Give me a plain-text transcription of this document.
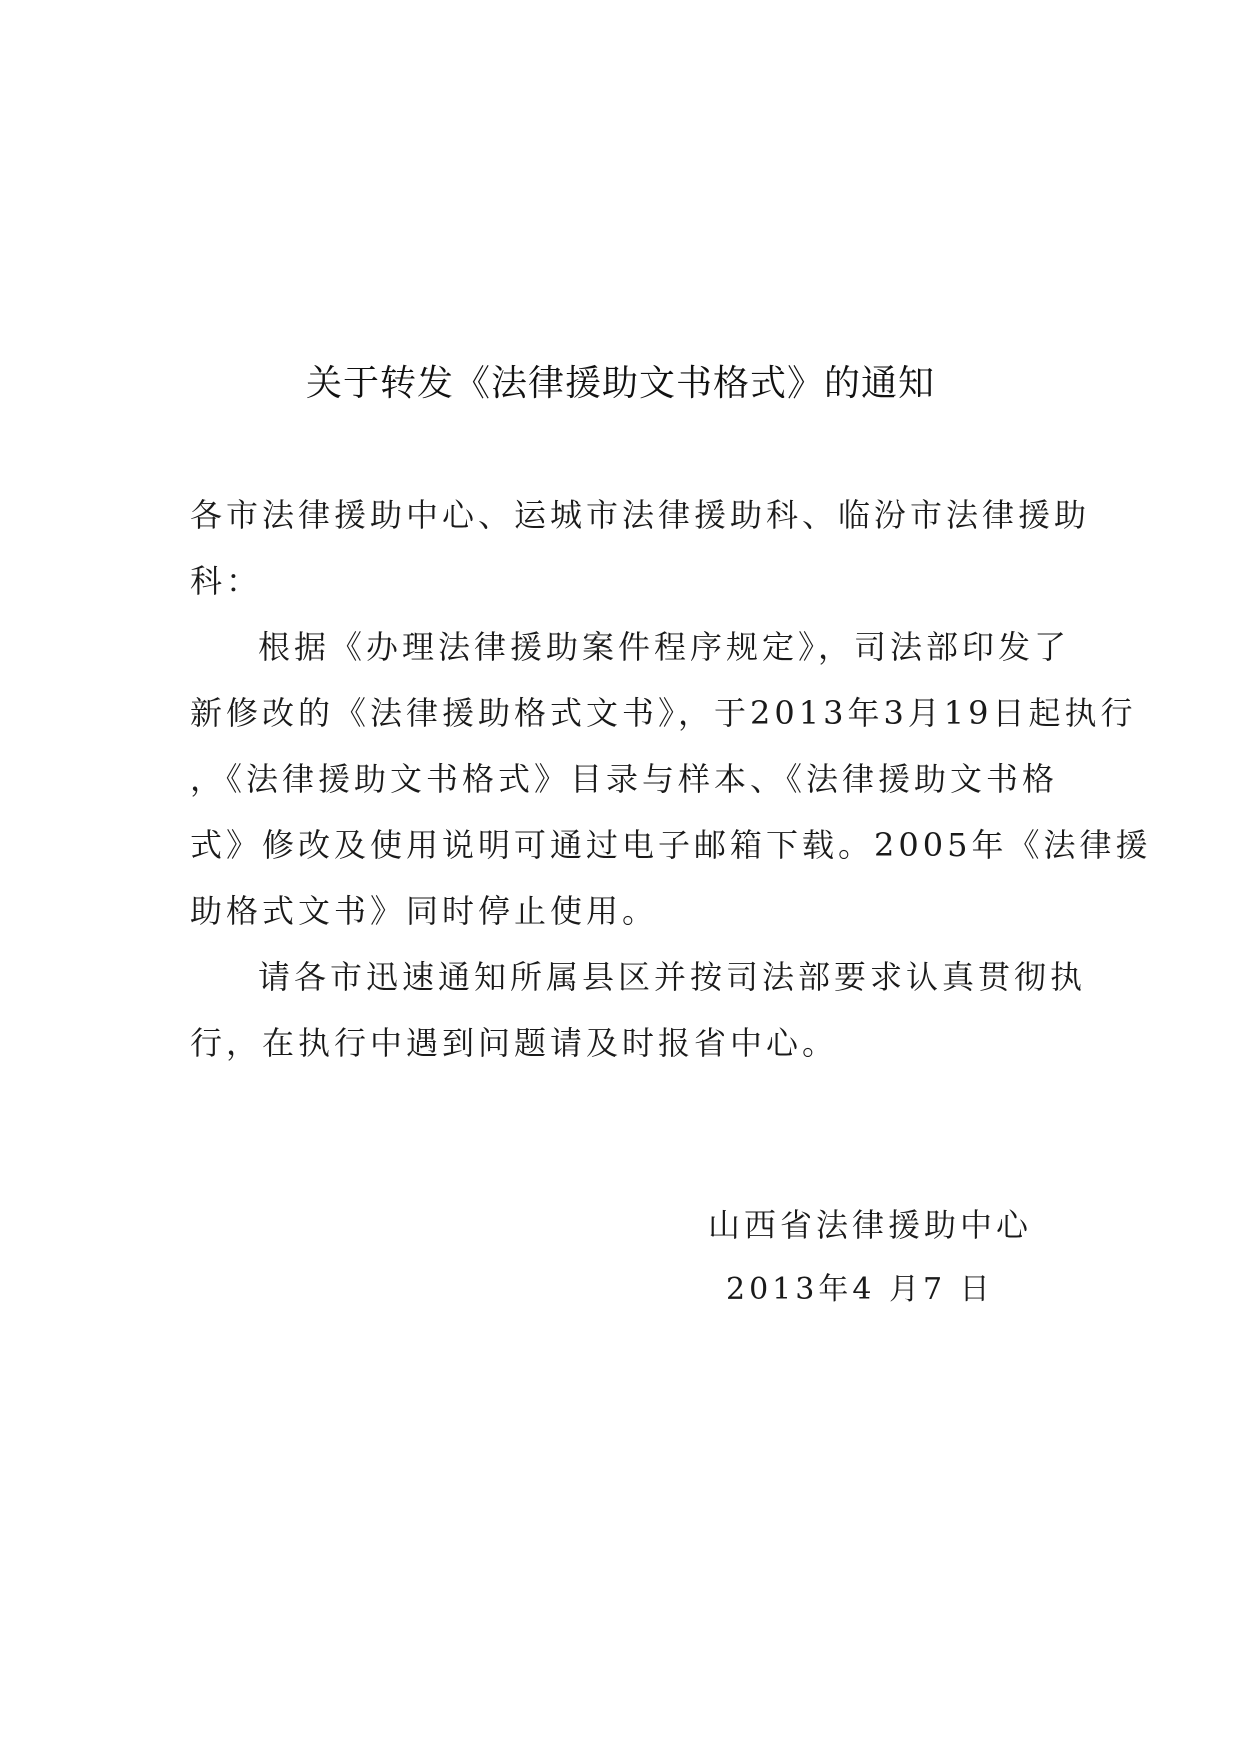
关于转发《法律援助文书格式》的通知
各市法律援助中心、运城市法律援助科、临汾市法律援助
科：
根据《办理法律援助案件程序规定》，司法部印发了
新修改的《法律援助格式文书》，于2013年3月19日起执行
，《法律援助文书格式》目录与样本、《法律援助文书格
式》修改及使用说明可通过电子邮箱下载。2005年《法律援
助格式文书》同时停止使用。
请各市迅速通知所属县区并按司法部要求认真贯彻执
行，在执行中遇到问题请及时报省中心。
山西省法律援助中心
2013年4 月7 日
